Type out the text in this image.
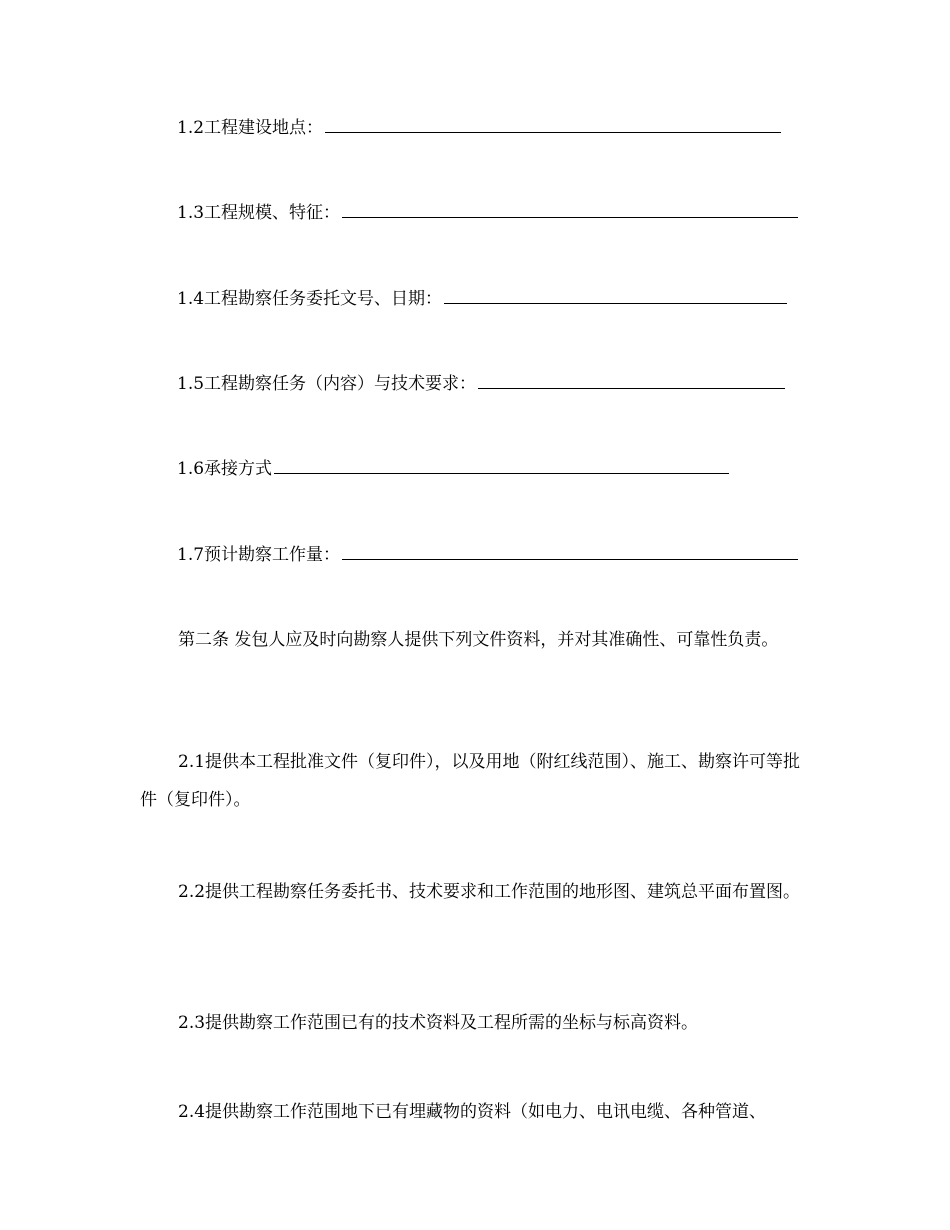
1.2工程建设地点：
1.3工程规模、特征：
1.4工程勘察任务委托文号、日期：
1.5工程勘察任务（内容）与技术要求：
1.6承接方式
1.7预计勘察工作量：
第二条 发包人应及时向勘察人提供下列文件资料，并对其准确性、可靠性负责。
2.1提供本工程批准文件（复印件），以及用地（附红线范围）、施工、勘察许可等批件（复印件）。
2.2提供工程勘察任务委托书、技术要求和工作范围的地形图、建筑总平面布置图。
2.3提供勘察工作范围已有的技术资料及工程所需的坐标与标高资料。
2.4提供勘察工作范围地下已有埋藏物的资料（如电力、电讯电缆、各种管道、
